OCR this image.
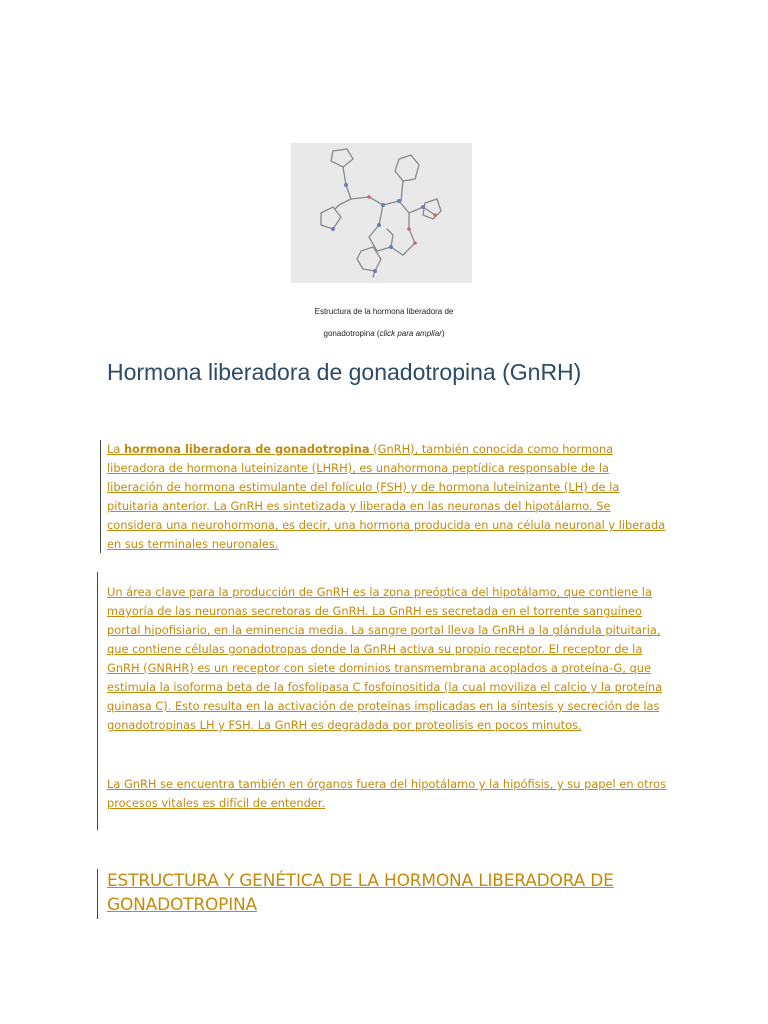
Estructura de la hormona liberadora de
gonadotropina (click para ampliar)
Hormona liberadora de gonadotropina (GnRH)
La hormona liberadora de gonadotropina (GnRH), también conocida como hormona liberadora de hormona luteinizante (LHRH), es unahormona peptídica responsable de la liberación de hormona estimulante del folículo (FSH) y de hormona luteinizante (LH) de la pituitaria anterior. La GnRH es sintetizada y liberada en las neuronas del hipotálamo. Se considera una neurohormona, es decir, una hormona producida en una célula neuronal y liberada en sus terminales neuronales.
Un área clave para la producción de GnRH es la zona preóptica del hipotálamo, que contiene la mayoría de las neuronas secretoras de GnRH. La GnRH es secretada en el torrente sanguíneo portal hipofisiario, en la eminencia media. La sangre portal lleva la GnRH a la glándula pituitaria, que contiene células gonadotropas donde la GnRH activa su propio receptor. El receptor de la GnRH (GNRHR) es un receptor con siete dominios transmembrana acoplados a proteína-G, que estimula la isoforma beta de la fosfolipasa C fosfoinositida (la cual moviliza el calcio y la proteína quinasa C). Esto resulta en la activación de proteínas implicadas en la síntesis y secreción de las gonadotropinas LH y FSH. La GnRH es degradada por proteolisis en pocos minutos.
La GnRH se encuentra también en órganos fuera del hipotálamo y la hipófisis, y su papel en otros procesos vitales es difícil de entender.
ESTRUCTURA Y GENÉTICA DE LA HORMONA LIBERADORA DE GONADOTROPINA
